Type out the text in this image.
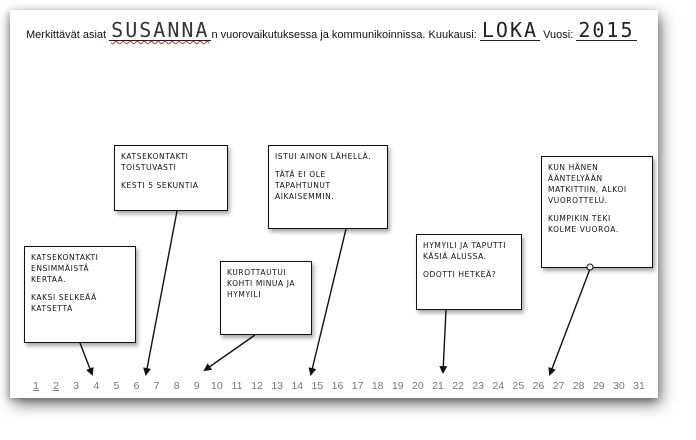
Merkittävät asiat SUSANNA n vuorovaikutuksessa ja kommunikoinnissa. Kuukausi: LOKA Vuosi: 2015

KATSEKONTAKTI
ENSIMMÄISTÄ
KERTAA.

KAKSI SELKEÄÄ
KATSETTA

KATSEKONTAKTI
TOISTUVASTI

KESTI 5 SEKUNTIA

KUROTTAUTUI
KOHTI MINUA JA
HYMYILI

ISTUI AINON LÄHELLÄ.

TÄTÄ EI OLE TAPAHTUNUT
AIKAISEMMIN.

HYMYILI JA TAPUTTI
KÄSIÄ ALUSSA.

ODOTTI HETKEÄ?

KUN HÄNEN
ÄÄNTELYÄÄN
MATKITTIIN, ALKOI
VUOROTTELU.

KUMPIKIN TEKI
KOLME VUOROA.

1 2 3 4 5 6 7 8 9 10 11 12 13 14 15 16 17 18 19 20 21 22 23 24 25 26 27 28 29 30 31
